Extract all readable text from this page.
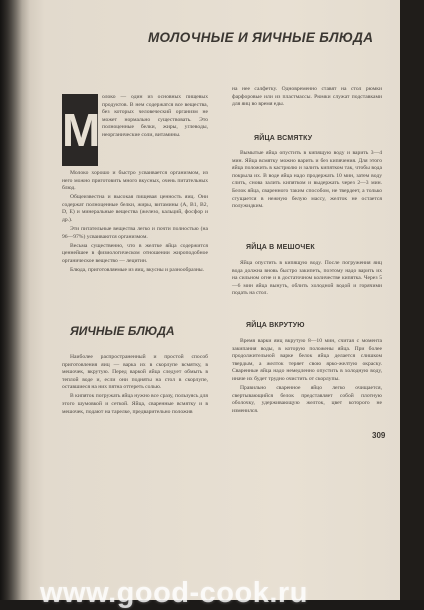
МОЛОЧНЫЕ И ЯИЧНЫЕ БЛЮДА
М

олоко — один из основных пищевых продуктов. В нем содержатся все вещества, без которых человеческий организм не может нормально существовать. Это полноценные белки, жиры, углеводы, неорганические соли, витамины.

Молоко хорошо и быстро усваивается организмом, из него можно приготовить много вкусных, очень питательных блюд.

Общеизвестна и высокая пищевая ценность яиц. Они содержат полноценные белки, жиры, витамины (А, В1, В2, D, Е) и минеральные вещества (железо, кальций, фосфор и др.).

Эти питательные вещества легко и почти полностью (на 96—97%) усваиваются организмом.

Весьма существенно, что в желтке яйца содержится ценнейшее в физиологическом отношении жироподобное органическое вещество — лецитин.

Блюда, приготовляемые из яиц, вкусны и разнообразны.

ЯИЧНЫЕ БЛЮДА

Наиболее распространенный и простой способ приготовления яиц — варка их в скорлупе всмятку, в мешочек, вкрутую. Перед варкой яйца следует обмыть в теплой воде и, если они подняты на стол в скорлупе, оставшиеся на них пятна оттереть солью.

В кипяток погружать яйца нужно все сразу, пользуясь для этого шумовкой и сеткой. Яйца, сваренные всмятку и в мешочек, подают на тарелке, предварительно положив

на нее салфетку. Одновременно ставят на стол рюмки фарфоровые или из пластмассы. Рюмки служат подставками для яиц во время еды.

ЯЙЦА ВСМЯТКУ

Вымытые яйца опустить в кипящую воду и варить 3—4 мин. Яйца всмятку можно варить и без кипячения. Для этого яйца положить в кастрюлю и залить кипятком так, чтобы вода покрыла их. В воде яйца надо продержать 10 мин, затем воду слить, снова залить кипятком и выдержать через 2—3 мин. Белок яйца, сваренного таким способом, не твердеет, а только сгущается в нежную белую массу, желток не остается полужидким.

ЯЙЦА В МЕШОЧЕК

Яйца опустить в кипящую воду. После погружения яиц вода должна вновь быстро закипеть, поэтому надо варить их на сильном огне и в достаточном количестве кипятка. Через 5—6 мин яйца вынуть, облить холодной водой и горячими подать на стол.

ЯЙЦА ВКРУТУЮ

Время варки яиц вкрутую 8—10 мин, считая с момента закипания воды, в которую положены яйца. При более продолжительной варке белок яйца делается слишком твердым, а желток теряет свою ярко-желтую окраску. Сваренные яйца надо немедленно опустить в холодную воду, иначе их будет трудно очистить от скорлупы.

Правильно сваренное яйцо легко очищается, свертывающийся белок представляет собой плотную оболочку, удерживающую желток, цвет которого не изменился.

309
www.good-cook.ru
